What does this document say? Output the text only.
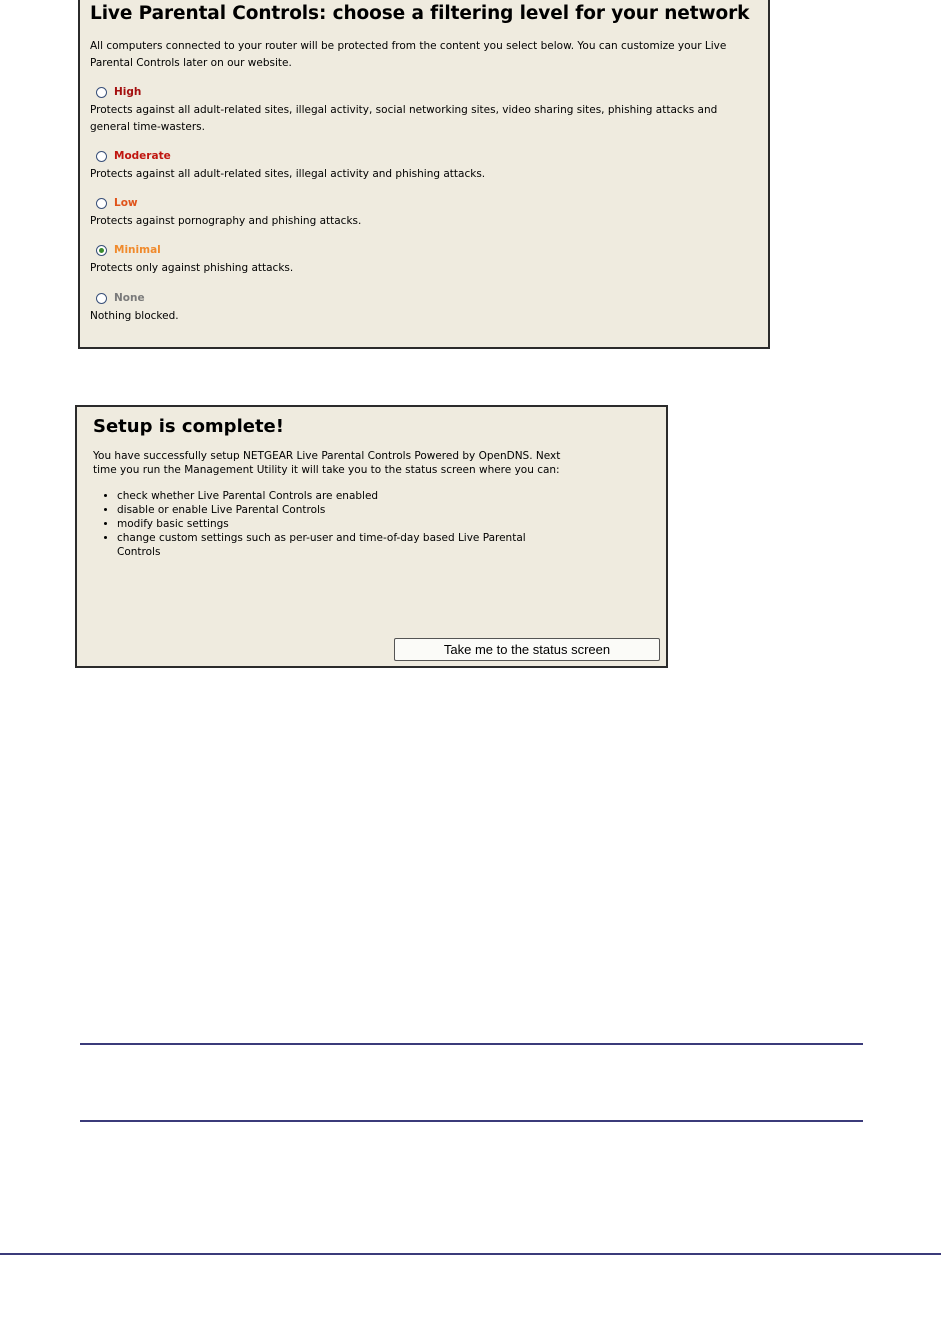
Live Parental Controls: choose a filtering level for your network
All computers connected to your router will be protected from the content you select below. You can customize your Live Parental Controls later on our website.
High
Protects against all adult-related sites, illegal activity, social networking sites, video sharing sites, phishing attacks and general time-wasters.
Moderate
Protects against all adult-related sites, illegal activity and phishing attacks.
Low
Protects against pornography and phishing attacks.
Minimal
Protects only against phishing attacks.
None
Nothing blocked.
Setup is complete!
You have successfully setup NETGEAR Live Parental Controls Powered by OpenDNS. Next time you run the Management Utility it will take you to the status screen where you can:
• check whether Live Parental Controls are enabled
• disable or enable Live Parental Controls
• modify basic settings
• change custom settings such as per-user and time-of-day based Live Parental Controls
Take me to the status screen
